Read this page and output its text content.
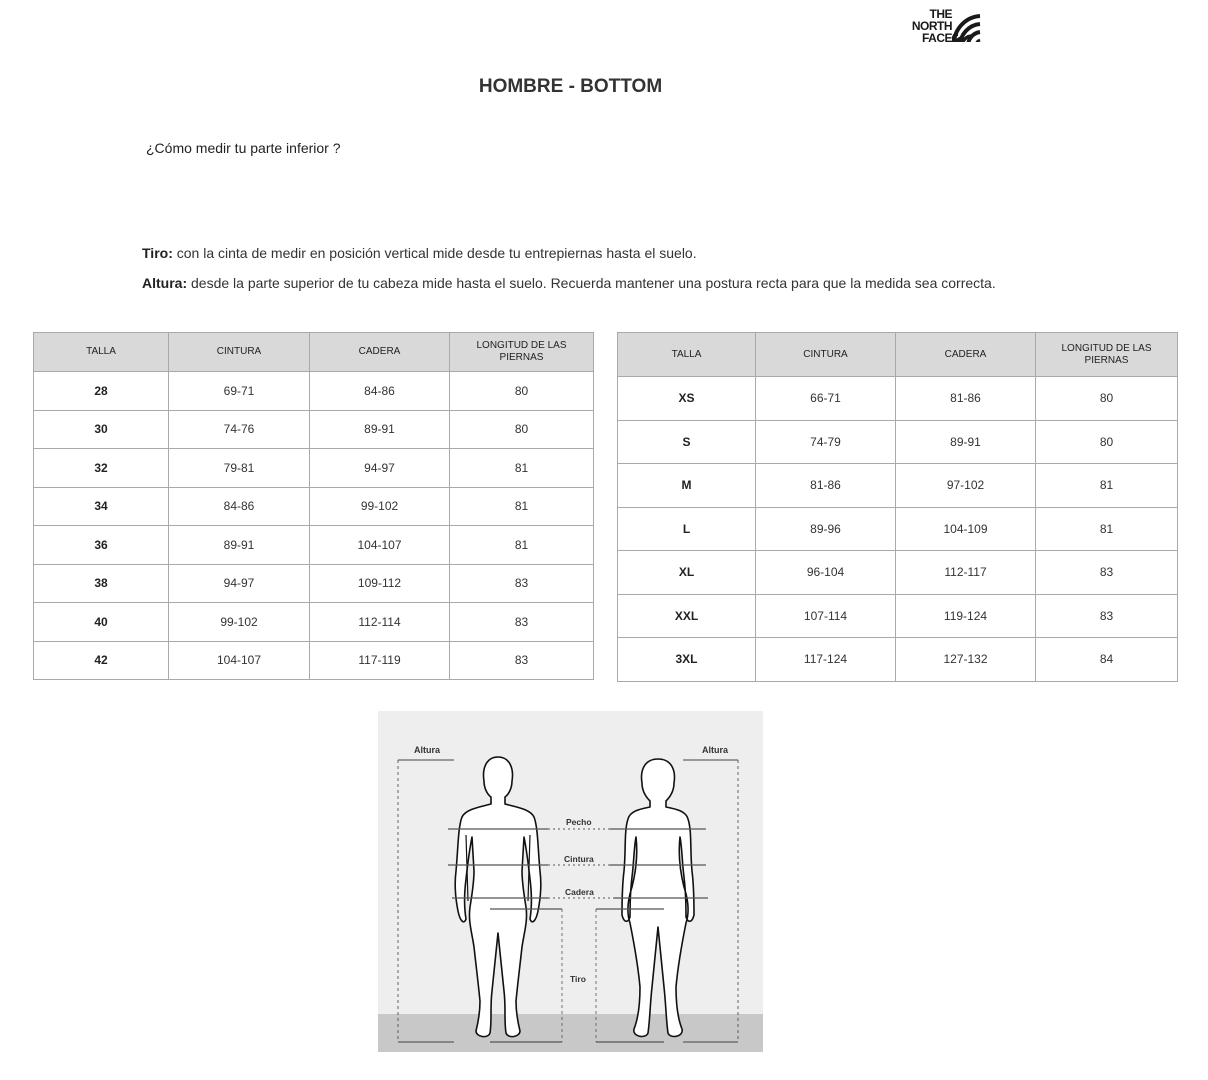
THE
NORTH
FACE
HOMBRE - BOTTOM
¿Cómo medir tu parte inferior ?
Tiro: con la cinta de medir en posición vertical mide desde tu entrepiernas hasta el suelo.
Altura: desde la parte superior de tu cabeza mide hasta el suelo. Recuerda mantener una postura recta para que la medida sea correcta.
TALLA	CINTURA	CADERA	LONGITUD DE LAS PIERNAS
28	69-71	84-86	80
30	74-76	89-91	80
32	79-81	94-97	81
34	84-86	99-102	81
36	89-91	104-107	81
38	94-97	109-112	83
40	99-102	112-114	83
42	104-107	117-119	83
TALLA	CINTURA	CADERA	LONGITUD DE LAS PIERNAS
XS	66-71	81-86	80
S	74-79	89-91	80
M	81-86	97-102	81
L	89-96	104-109	81
XL	96-104	112-117	83
XXL	107-114	119-124	83
3XL	117-124	127-132	84
Altura	Altura
Pecho
Cintura
Cadera
Tiro
